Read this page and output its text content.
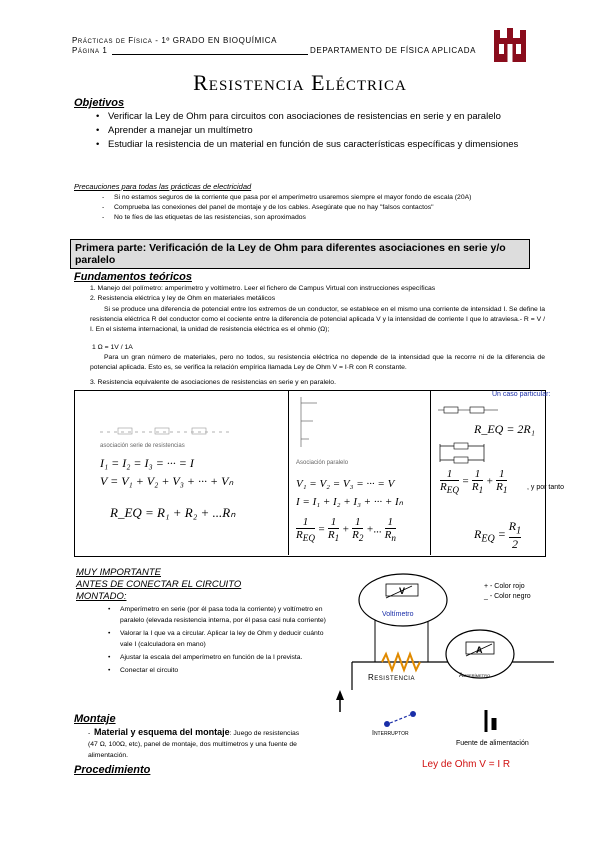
Prácticas de Física - 1º GRADO EN BIOQUÍMICA
Página 1	DEPARTAMENTO DE FÍSICA APLICADA
Resistencia Eléctrica
Objetivos
• Verificar la Ley de Ohm para circuitos con asociaciones de resistencias en serie y en paralelo
• Aprender a manejar un multímetro
• Estudiar la resistencia de un material en función de sus características específicas y dimensiones
Precauciones para todas las prácticas de electricidad
- Si no estamos seguros de la corriente que pasa por el amperímetro usaremos siempre el mayor fondo de escala (20A)
- Comprueba las conexiones del panel de montaje y de los cables. Asegúrate que no hay "falsos contactos"
- No te fíes de las etiquetas de las resistencias, son aproximados
Primera parte: Verificación de la Ley de Ohm para diferentes asociaciones en serie y/o paralelo
Fundamentos teóricos
1. Manejo del polímetro: amperímetro y voltímetro. Leer el fichero de Campus Virtual con instrucciones específicas
2. Resistencia eléctrica y ley de Ohm en materiales metálicos
Si se produce una diferencia de potencial entre los extremos de un conductor, se establece en el mismo una corriente de intensidad I. Se define la resistencia eléctrica R del conductor como el cociente entre la diferencia de potencial aplicada V y la intensidad de corriente I que lo atraviesa.- R = V / I. En el sistema internacional, la unidad de resistencia eléctrica es el ohmio (Ω);
1 Ω = 1V / 1A
Para un gran número de materiales, pero no todos, su resistencia eléctrica no depende de la intensidad que la recorre ni de la diferencia de potencial aplicada. Esto es, se verifica la relación empírica llamada Ley de Ohm V = I·R con R constante.
3. Resistencia equivalente de asociaciones de resistencias en serie y en paralelo.
asociación serie de resistencias
I₁ = I₂ = I₃ = ··· = I
V = V₁ + V₂ + V₃ + ··· + Vₙ
R_EQ = R₁ + R₂ + ...Rₙ
Asociación paralelo
V₁ = V₂ = V₃ = ··· = V
I = I₁ + I₂ + I₃ + ··· + Iₙ
$\frac{1}{R_{EQ}} = \frac{1}{R_1} + \frac{1}{R_2}$ +... $\frac{1}{R_n}$
Un caso particular:
R_EQ = 2R₁
$\frac{1}{R_{EQ}} = \frac{1}{R_1} + \frac{1}{R_1}$	, y por tanto
$R_{EQ} = \frac{R_1}{2}$
MUY IMPORTANTE
ANTES DE CONECTAR EL CIRCUITO
MONTADO:
• Amperímetro en serie (por él pasa toda la corriente) y voltímetro en paralelo (elevada resistencia interna, por él pasa casi nula corriente)
• Valorar la I que va a circular. Aplicar la ley de Ohm y deducir cuánto vale I (calculadora en mano)
• Ajustar la escala del amperímetro en función de la I prevista.
• Conectar el circuito
V
Voltímetro
A
Amperímetro
Resistencia
Interruptor
Fuente de alimentación
+ - Color rojo
_ - Color negro
Ley de Ohm V = I R
Montaje
-  Material y esquema del montaje: Juego de resistencias (47 Ω, 100Ω, etc), panel de montaje, dos multímetros y una fuente de alimentación.
Procedimiento
